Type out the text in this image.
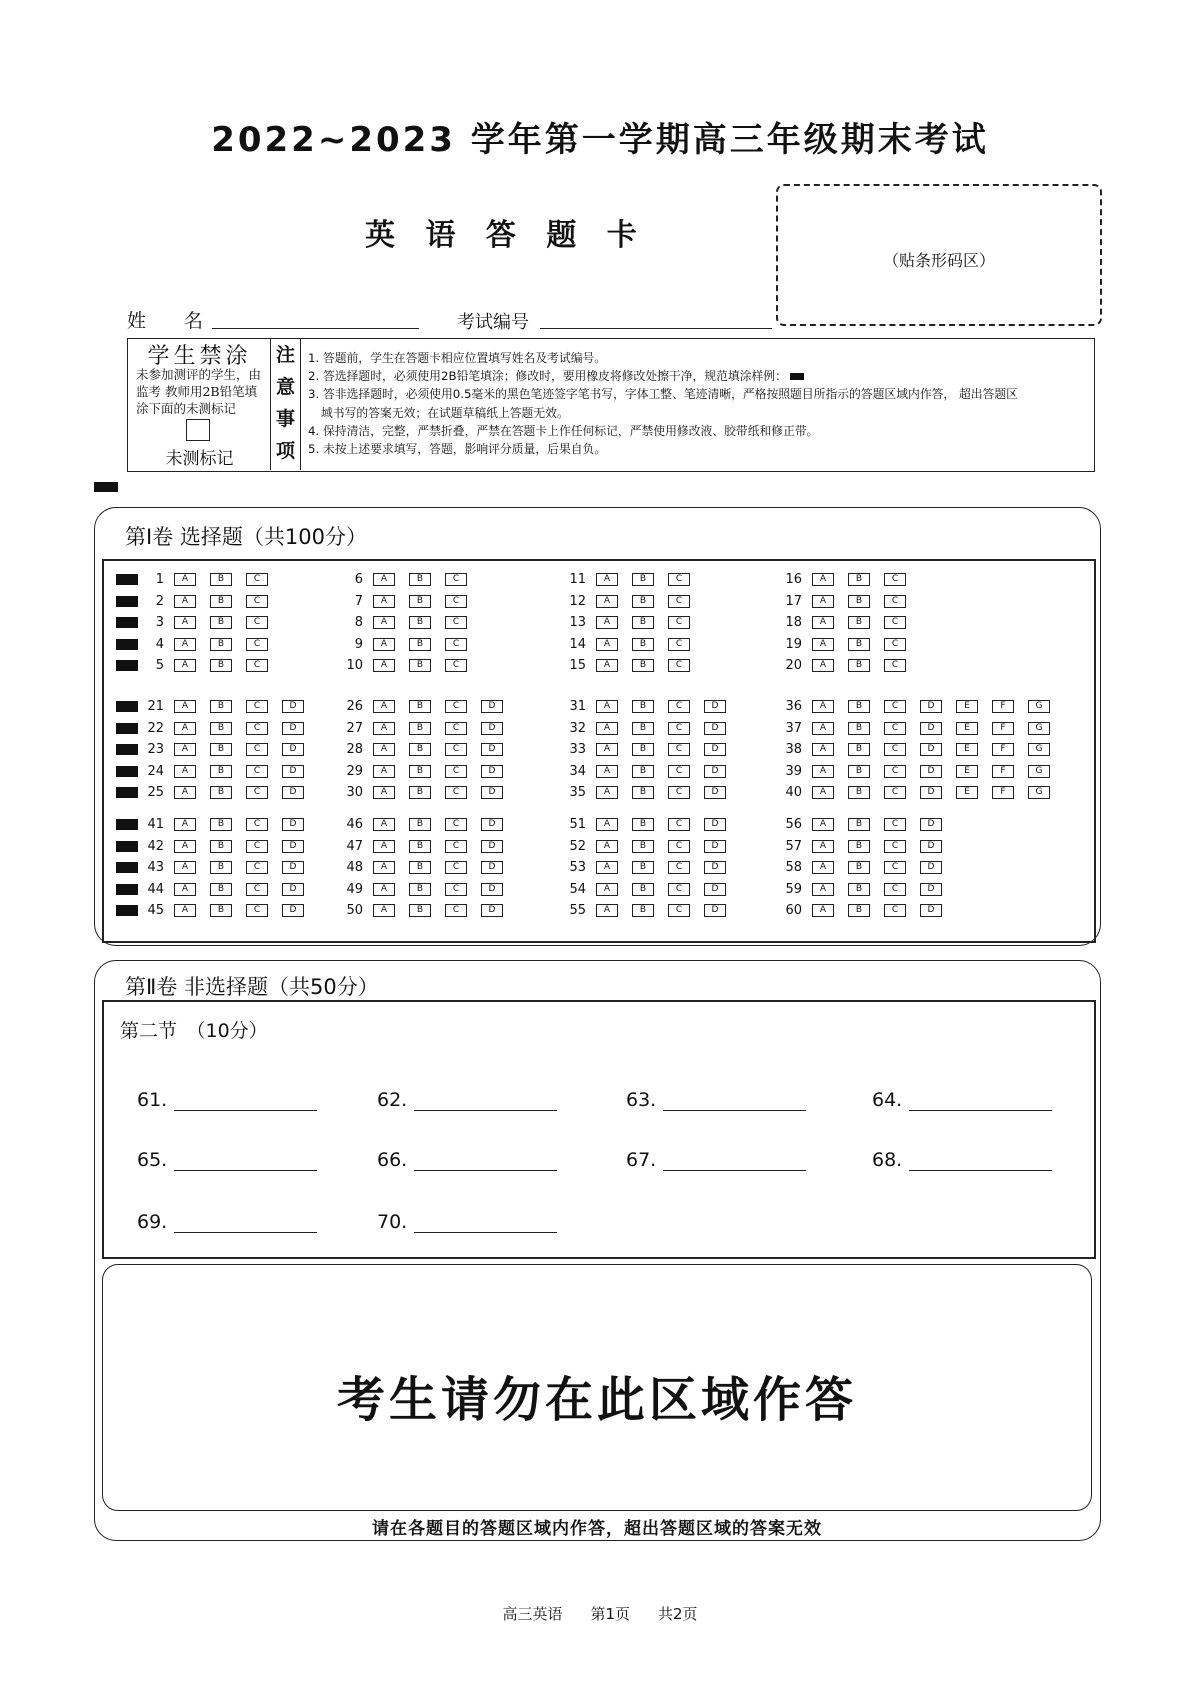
2022~2023 学年第一学期高三年级期末考试
英 语 答 题 卡
（贴条形码区）
姓　　名	考试编号
学生禁涂
未参加测评的学生，由监考 教师用2B铅笔填涂下面的未测标记
未测标记
注
意
事
项
1. 答题前，学生在答题卡相应位置填写姓名及考试编号。
2. 答选择题时，必须使用2B铅笔填涂；修改时，要用橡皮将修改处擦干净，规范填涂样例：
3. 答非选择题时，必须使用0.5毫米的黑色笔迹签字笔书写，字体工整、笔迹清晰，严格按照题目所指示的答题区域内作答， 超出答题区
域书写的答案无效；在试题草稿纸上答题无效。
4. 保持清洁，完整，严禁折叠，严禁在答题卡上作任何标记，严禁使用修改液、胶带纸和修正带。
5. 未按上述要求填写，答题，影响评分质量，后果自负。
第Ⅰ卷 选择题（共100分）
1	A	B	C
2	A	B	C
3	A	B	C
4	A	B	C
5	A	B	C
6	A	B	C
7	A	B	C
8	A	B	C
9	A	B	C
10	A	B	C
11	A	B	C
12	A	B	C
13	A	B	C
14	A	B	C
15	A	B	C
16	A	B	C
17	A	B	C
18	A	B	C
19	A	B	C
20	A	B	C
21	A	B	C	D
22	A	B	C	D
23	A	B	C	D
24	A	B	C	D
25	A	B	C	D
26	A	B	C	D
27	A	B	C	D
28	A	B	C	D
29	A	B	C	D
30	A	B	C	D
31	A	B	C	D
32	A	B	C	D
33	A	B	C	D
34	A	B	C	D
35	A	B	C	D
36	A	B	C	D	E	F	G
37	A	B	C	D	E	F	G
38	A	B	C	D	E	F	G
39	A	B	C	D	E	F	G
40	A	B	C	D	E	F	G
41	A	B	C	D
42	A	B	C	D
43	A	B	C	D
44	A	B	C	D
45	A	B	C	D
46	A	B	C	D
47	A	B	C	D
48	A	B	C	D
49	A	B	C	D
50	A	B	C	D
51	A	B	C	D
52	A	B	C	D
53	A	B	C	D
54	A	B	C	D
55	A	B	C	D
56	A	B	C	D
57	A	B	C	D
58	A	B	C	D
59	A	B	C	D
60	A	B	C	D
第Ⅱ卷 非选择题（共50分）
第二节　（10分）
61.	62.	63.	64.
65.	66.	67.	68.
69.	70.
考生请勿在此区域作答
请在各题目的答题区域内作答，超出答题区域的答案无效
高三英语 第1页 共2页
